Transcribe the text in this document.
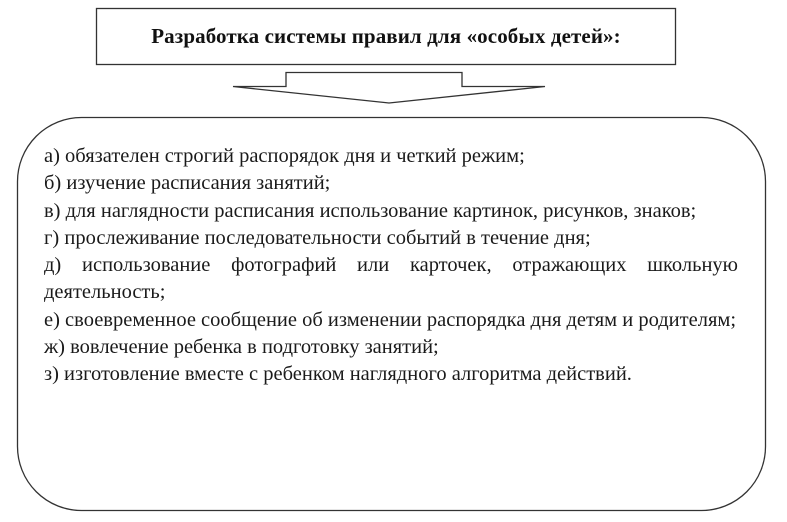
Разработка системы правил для «особых детей»:
а) обязателен строгий распорядок дня и четкий режим;
б) изучение расписания занятий;
в) для наглядности расписания использование картинок, рисунков, знаков;
г) прослеживание последовательности событий в течение дня;
д) использование фотографий или карточек, отражающих школьную деятельность;
е) своевременное сообщение об изменении распорядка дня детям и родителям;
ж) вовлечение ребенка в подготовку занятий;
з) изготовление вместе с ребенком наглядного алгоритма действий.
